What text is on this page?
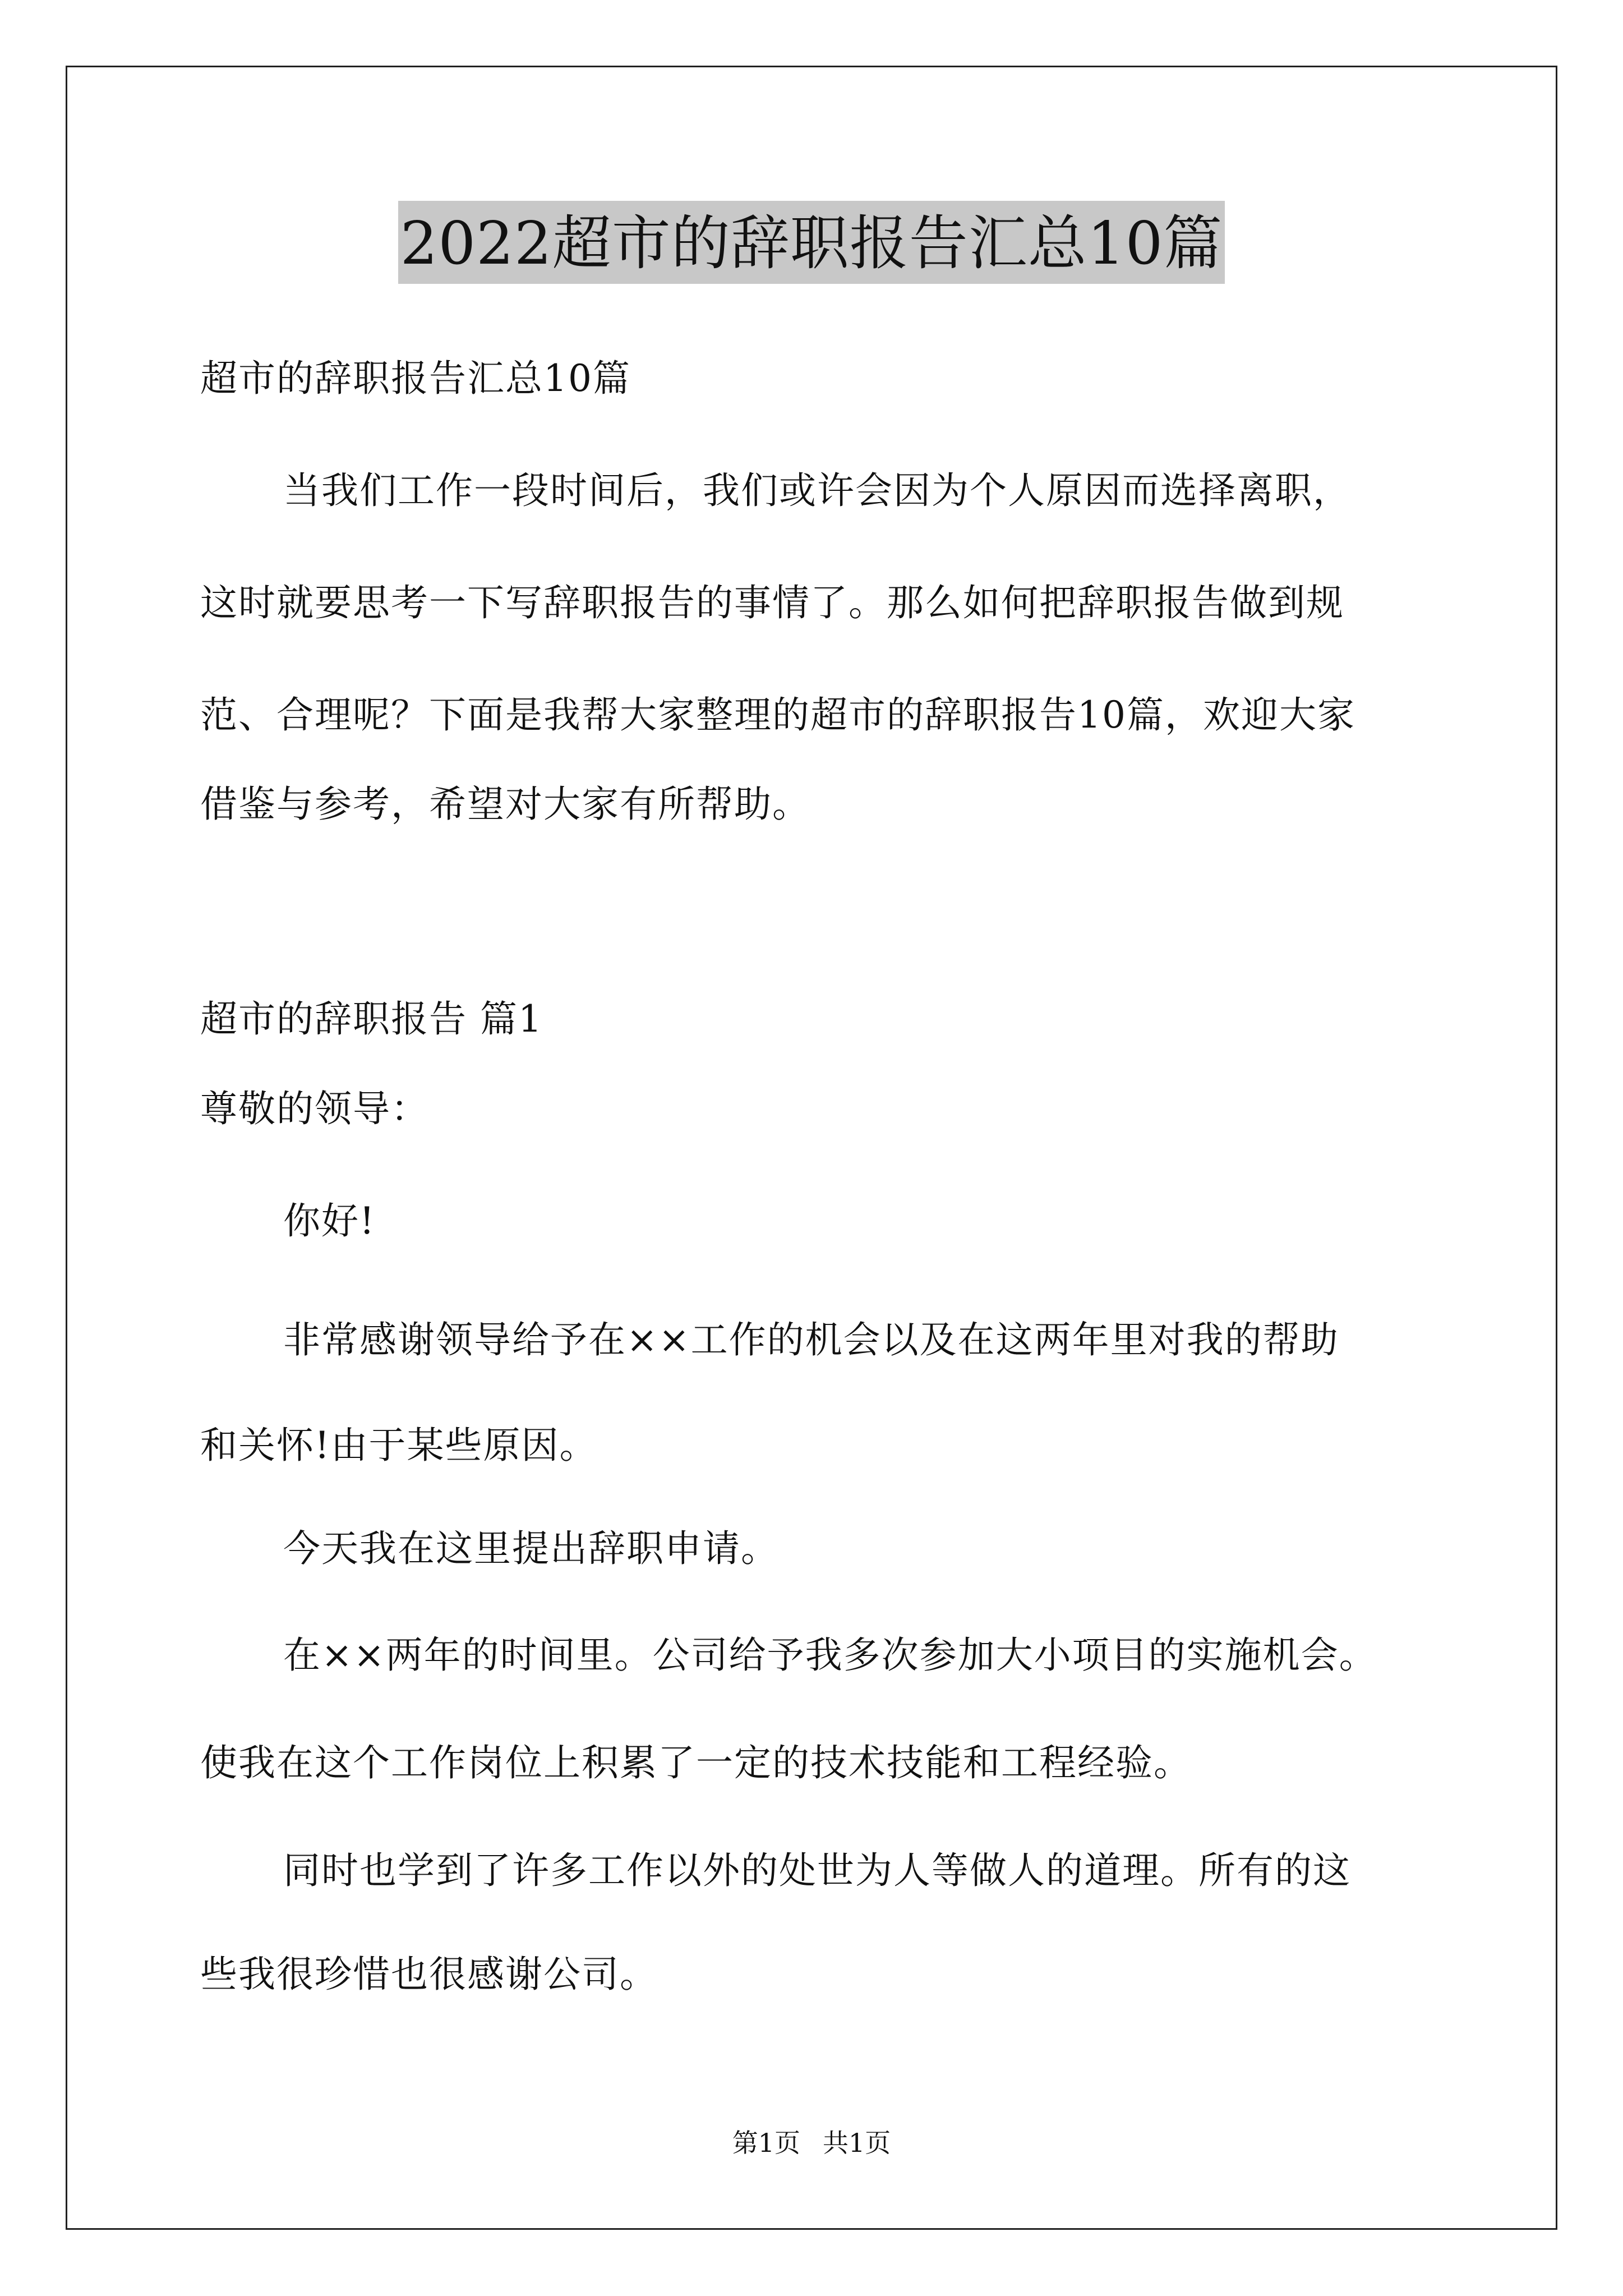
2022超市的辞职报告汇总10篇
超市的辞职报告汇总10篇
当我们工作一段时间后，我们或许会因为个人原因而选择离职，
这时就要思考一下写辞职报告的事情了。那么如何把辞职报告做到规
范、合理呢？下面是我帮大家整理的超市的辞职报告10篇，欢迎大家
借鉴与参考，希望对大家有所帮助。
超市的辞职报告 篇1
尊敬的领导：
你好!
非常感谢领导给予在××工作的机会以及在这两年里对我的帮助
和关怀!由于某些原因。
今天我在这里提出辞职申请。
在××两年的时间里。公司给予我多次参加大小项目的实施机会。
使我在这个工作岗位上积累了一定的技术技能和工程经验。
同时也学到了许多工作以外的处世为人等做人的道理。所有的这
些我很珍惜也很感谢公司。
第1页 共1页
